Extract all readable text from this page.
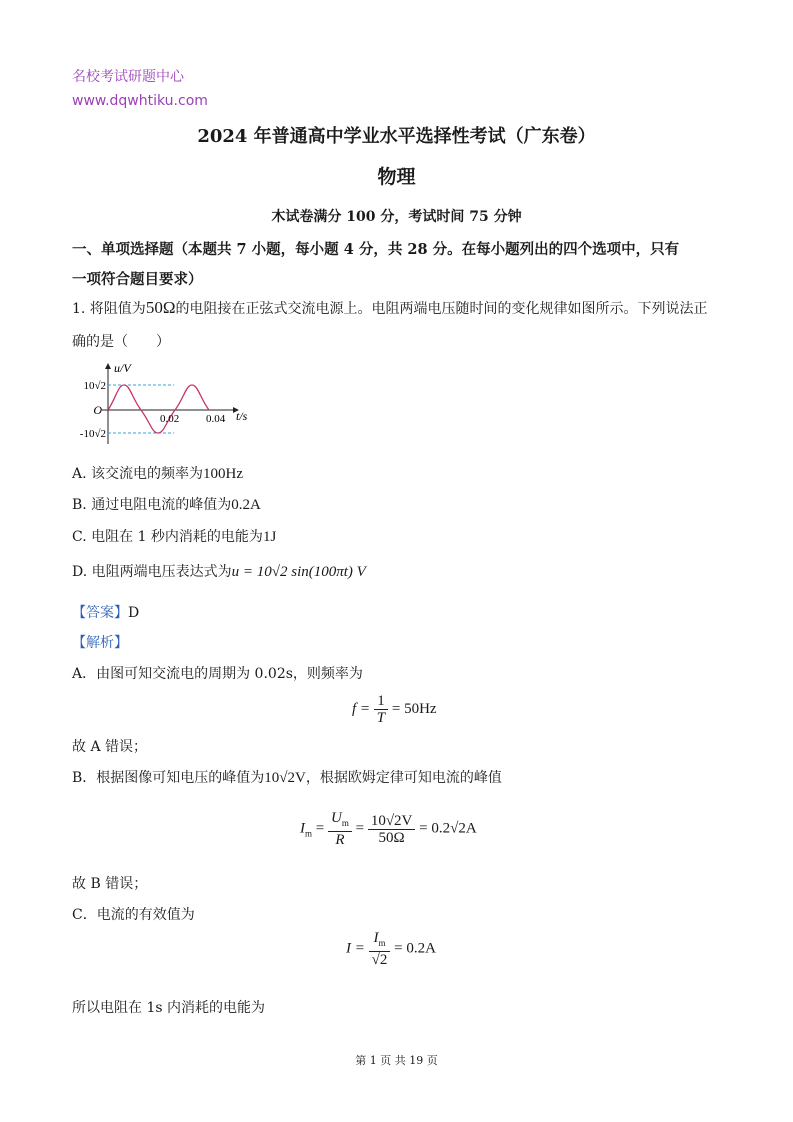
名校考试研题中心
www.dqwhtiku.com
2024 年普通高中学业水平选择性考试（广东卷）
物理
木试卷满分 100 分，考试时间 75 分钟
一、单项选择题（本题共 7 小题，每小题 4 分，共 28 分。在每小题列出的四个选项中，只有
一项符合题目要求）
1. 将阻值为50Ω的电阻接在正弦式交流电源上。电阻两端电压随时间的变化规律如图所示。下列说法正
确的是（　　）
u/V
O
10√2
-10√2
0.02 0.04 t/s
A. 该交流电的频率为100Hz
B. 通过电阻电流的峰值为0.2A
C. 电阻在 1 秒内消耗的电能为1J
D. 电阻两端电压表达式为u = 10√2 sin(100πt) V
【答案】D
【解析】
A．由图可知交流电的周期为 0.02s，则频率为
$f = \frac{1}{T} = 50Hz$
故 A 错误；
B．根据图像可知电压的峰值为10√2V，根据欧姆定律可知电流的峰值
$I_m = \frac{U_m}{R} = \frac{10√2V}{50\Omega} = 0.2√2A$
故 B 错误；
C．电流的有效值为
$I = \frac{I_m}{√2} = 0.2A$
所以电阻在 1s 内消耗的电能为
第 1 页 共 19 页
